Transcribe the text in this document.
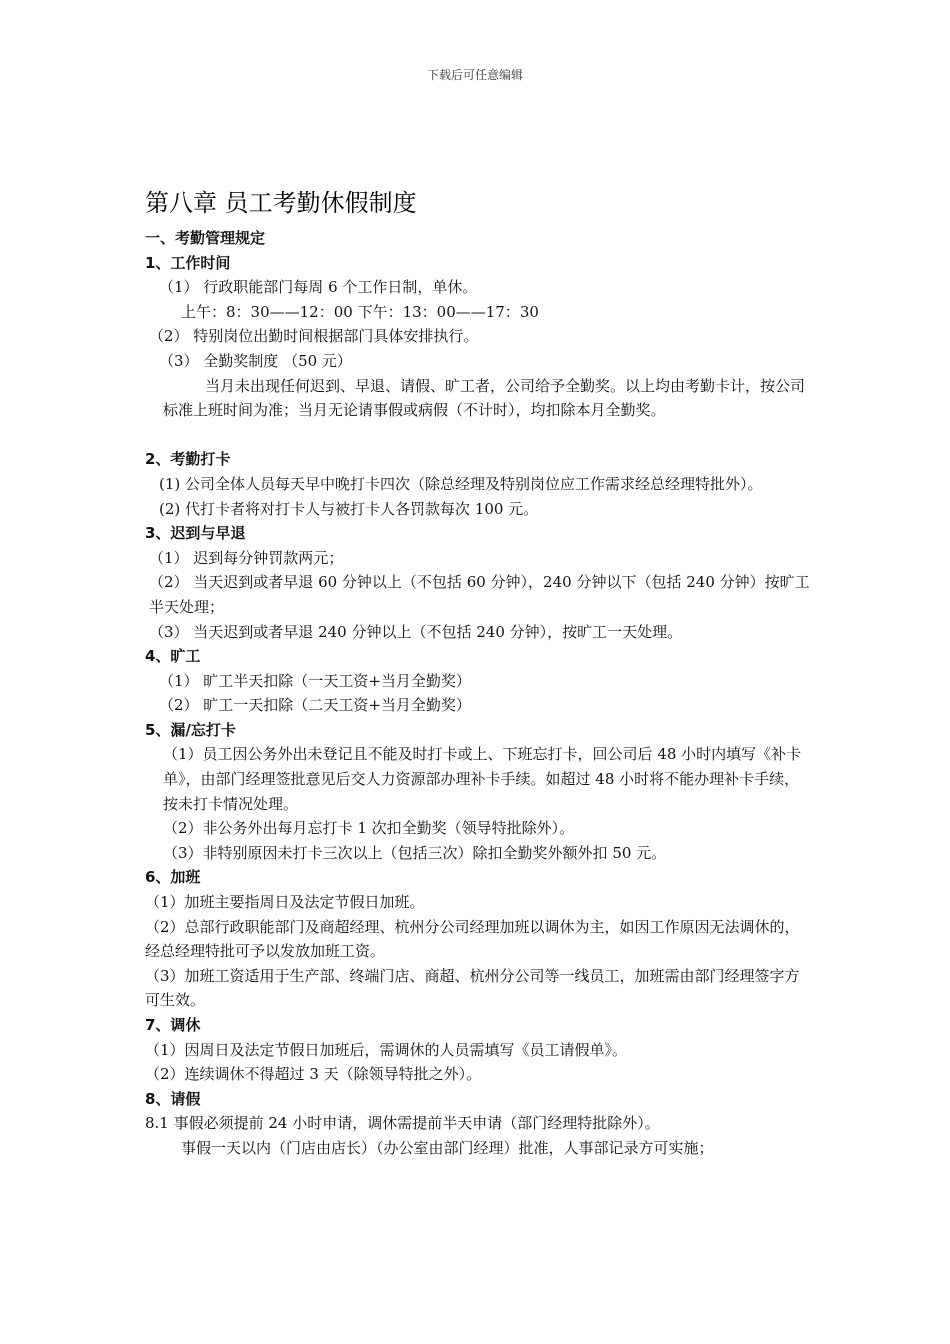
下载后可任意编辑
第八章 员工考勤休假制度

一、考勤管理规定

1、工作时间

（1） 行政职能部门每周 6 个工作日制，单休。

上午：8：30——12：00 下午：13：00——17：30

（2） 特别岗位出勤时间根据部门具体安排执行。

（3） 全勤奖制度 （50 元）

当月未出现任何迟到、早退、请假、旷工者，公司给予全勤奖。以上均由考勤卡计，按公司标准上班时间为准；当月无论请事假或病假（不计时），均扣除本月全勤奖。

2、考勤打卡

(1) 公司全体人员每天早中晚打卡四次（除总经理及特别岗位应工作需求经总经理特批外）。

(2) 代打卡者将对打卡人与被打卡人各罚款每次 100 元。

3、迟到与早退

（1） 迟到每分钟罚款两元；

（2） 当天迟到或者早退 60 分钟以上（不包括 60 分钟），240 分钟以下（包括 240 分钟）按旷工半天处理；

（3） 当天迟到或者早退 240 分钟以上（不包括 240 分钟），按旷工一天处理。

4、旷工

（1） 旷工半天扣除（一天工资+当月全勤奖）

（2） 旷工一天扣除（二天工资+当月全勤奖）

5、漏/忘打卡

（1）员工因公务外出未登记且不能及时打卡或上、下班忘打卡，回公司后 48 小时内填写《补卡单》，由部门经理签批意见后交人力资源部办理补卡手续。如超过 48 小时将不能办理补卡手续，按未打卡情况处理。

（2）非公务外出每月忘打卡 1 次扣全勤奖（领导特批除外）。

（3）非特别原因未打卡三次以上（包括三次）除扣全勤奖外额外扣 50 元。

6、加班

（1）加班主要指周日及法定节假日加班。

（2）总部行政职能部门及商超经理、杭州分公司经理加班以调休为主，如因工作原因无法调休的，经总经理特批可予以发放加班工资。

（3）加班工资适用于生产部、终端门店、商超、杭州分公司等一线员工，加班需由部门经理签字方可生效。

7、调休

（1）因周日及法定节假日加班后，需调休的人员需填写《员工请假单》。

（2）连续调休不得超过 3 天（除领导特批之外）。

8、请假

8.1 事假必须提前 24 小时申请，调休需提前半天申请（部门经理特批除外）。

事假一天以内（门店由店长）（办公室由部门经理）批准，人事部记录方可实施；
